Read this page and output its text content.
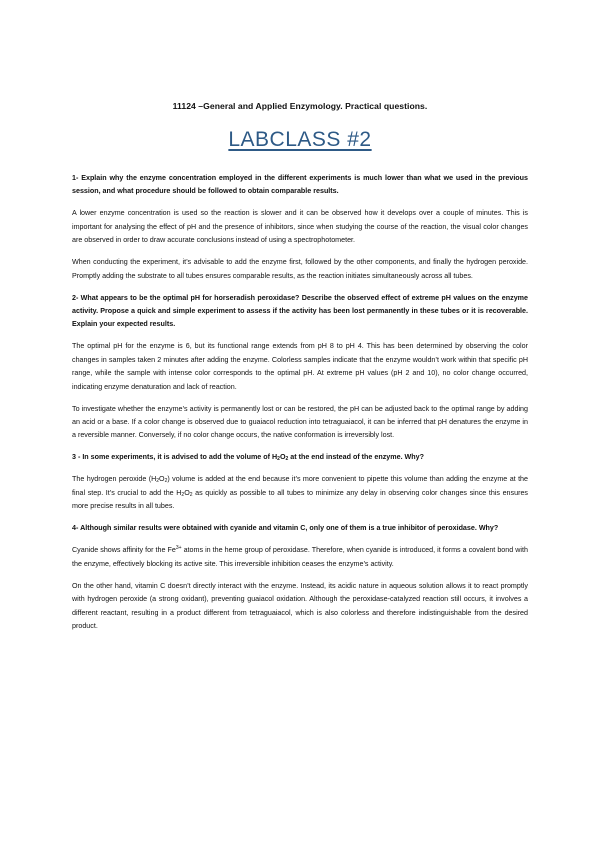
11124 –General and Applied Enzymology. Practical questions.
LABCLASS #2

1- Explain why the enzyme concentration employed in the different experiments is much lower than what we used in the previous session, and what procedure should be followed to obtain comparable results.

A lower enzyme concentration is used so the reaction is slower and it can be observed how it develops over a couple of minutes. This is important for analysing the effect of pH and the presence of inhibitors, since when studying the course of the reaction, the visual color changes are observed in order to draw accurate conclusions instead of using a spectrophotometer.

When conducting the experiment, it’s advisable to add the enzyme first, followed by the other components, and finally the hydrogen peroxide. Promptly adding the substrate to all tubes ensures comparable results, as the reaction initiates simultaneously across all tubes.

2- What appears to be the optimal pH for horseradish peroxidase? Describe the observed effect of extreme pH values on the enzyme activity. Propose a quick and simple experiment to assess if the activity has been lost permanently in these tubes or it is recoverable. Explain your expected results.

The optimal pH for the enzyme is 6, but its functional range extends from pH 8 to pH 4. This has been determined by observing the color changes in samples taken 2 minutes after adding the enzyme. Colorless samples indicate that the enzyme wouldn’t work within that specific pH range, while the sample with intense color corresponds to the optimal pH. At extreme pH values (pH 2 and 10), no color change occurred, indicating enzyme denaturation and lack of reaction.

To investigate whether the enzyme’s activity is permanently lost or can be restored, the pH can be adjusted back to the optimal range by adding an acid or a base. If a color change is observed due to guaiacol reduction into tetraguaiacol, it can be inferred that pH denatures the enzyme in a reversible manner. Conversely, if no color change occurs, the native conformation is irreversibly lost.

3 - In some experiments, it is advised to add the volume of $H_2O_2$ at the end instead of the enzyme. Why?

The hydrogen peroxide $(H_2O_2)$ volume is added at the end because it’s more convenient to pipette this volume than adding the enzyme at the final step. It’s crucial to add the $H_2O_2$ as quickly as possible to all tubes to minimize any delay in observing color changes since this ensures more precise results in all tubes.

4- Although similar results were obtained with cyanide and vitamin C, only one of them is a true inhibitor of peroxidase. Why?

Cyanide shows affinity for the $Fe^{3+}$ atoms in the heme group of peroxidase. Therefore, when cyanide is introduced, it forms a covalent bond with the enzyme, effectively blocking its active site. This irreversible inhibition ceases the enzyme’s activity.

On the other hand, vitamin C doesn’t directly interact with the enzyme. Instead, its acidic nature in aqueous solution allows it to react promptly with hydrogen peroxide (a strong oxidant), preventing guaiacol oxidation. Although the peroxidase-catalyzed reaction still occurs, it involves a different reactant, resulting in a product different from tetraguaiacol, which is also colorless and therefore indistinguishable from the desired product.
